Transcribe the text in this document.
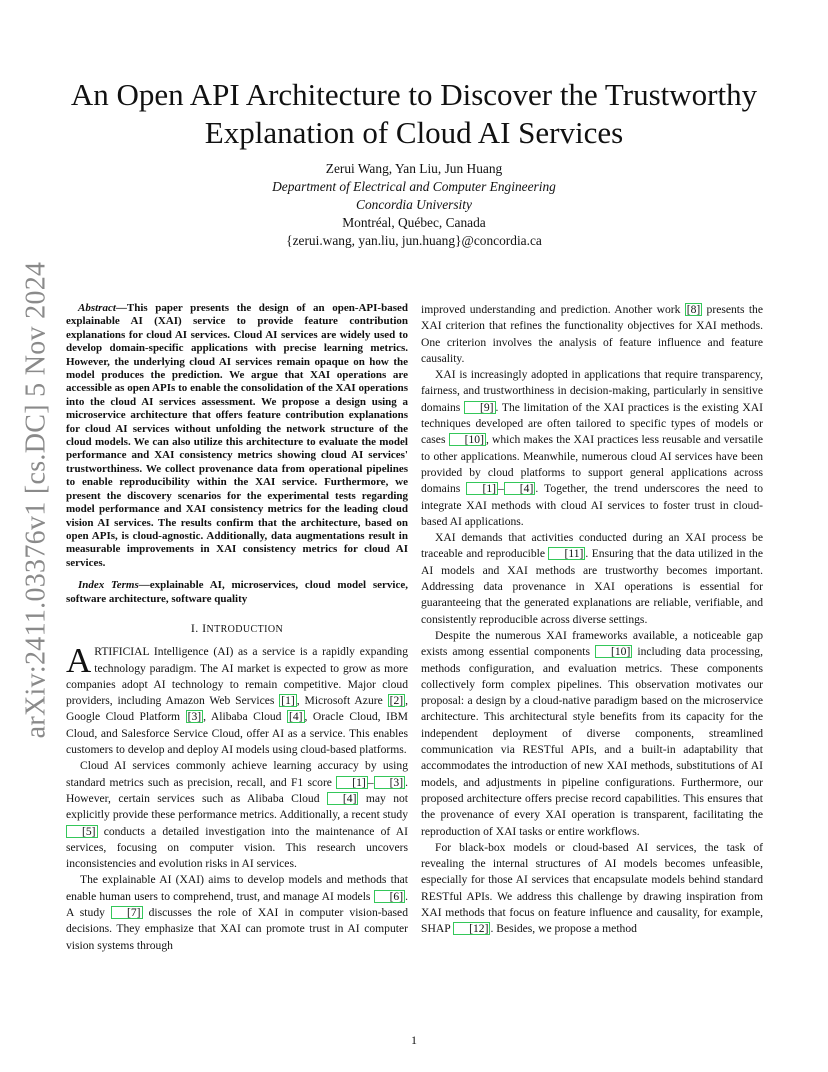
arXiv:2411.03376v1 [cs.DC] 5 Nov 2024
An Open API Architecture to Discover the Trustworthy Explanation of Cloud AI Services
Zerui Wang, Yan Liu, Jun Huang
Department of Electrical and Computer Engineering
Concordia University
Montréal, Québec, Canada
{zerui.wang, yan.liu, jun.huang}@concordia.ca

Abstract—This paper presents the design of an open-API-based explainable AI (XAI) service to provide feature contribution explanations for cloud AI services. Cloud AI services are widely used to develop domain-specific applications with precise learning metrics. However, the underlying cloud AI services remain opaque on how the model produces the prediction. We argue that XAI operations are accessible as open APIs to enable the consolidation of the XAI operations into the cloud AI services assessment. We propose a design using a microservice architecture that offers feature contribution explanations for cloud AI services without unfolding the network structure of the cloud models. We can also utilize this architecture to evaluate the model performance and XAI consistency metrics showing cloud AI services' trustworthiness. We collect provenance data from operational pipelines to enable reproducibility within the XAI service. Furthermore, we present the discovery scenarios for the experimental tests regarding model performance and XAI consistency metrics for the leading cloud vision AI services. The results confirm that the architecture, based on open APIs, is cloud-agnostic. Additionally, data augmentations result in measurable improvements in XAI consistency metrics for cloud AI services.

Index Terms—explainable AI, microservices, cloud model service, software architecture, software quality

I. INTRODUCTION

ARTIFICIAL Intelligence (AI) as a service is a rapidly expanding technology paradigm. The AI market is expected to grow as more companies adopt AI technology to remain competitive. Major cloud providers, including Amazon Web Services [1] , Microsoft Azure [2] , Google Cloud Platform [3] , Alibaba Cloud [4] , Oracle Cloud, IBM Cloud, and Salesforce Service Cloud, offer AI as a service. This enables customers to develop and deploy AI models using cloud-based platforms.

Cloud AI services commonly achieve learning accuracy by using standard metrics such as precision, recall, and F1 score [1] – [3] . However, certain services such as Alibaba Cloud [4] may not explicitly provide these performance metrics. Additionally, a recent study [5] conducts a detailed investigation into the maintenance of AI services, focusing on computer vision. This research uncovers inconsistencies and evolution risks in AI services.

The explainable AI (XAI) aims to develop models and methods that enable human users to comprehend, trust, and manage AI models [6] . A study [7] discusses the role of XAI in computer vision-based decisions. They emphasize that XAI can promote trust in AI computer vision systems through

improved understanding and prediction. Another work [8] presents the XAI criterion that refines the functionality objectives for XAI methods. One criterion involves the analysis of feature influence and feature causality.

XAI is increasingly adopted in applications that require transparency, fairness, and trustworthiness in decision-making, particularly in sensitive domains [9] . The limitation of the XAI practices is the existing XAI techniques developed are often tailored to specific types of models or cases [10] , which makes the XAI practices less reusable and versatile to other applications. Meanwhile, numerous cloud AI services have been provided by cloud platforms to support general applications across domains [1] – [4] . Together, the trend underscores the need to integrate XAI methods with cloud AI services to foster trust in cloud-based AI applications.

XAI demands that activities conducted during an XAI process be traceable and reproducible [11] . Ensuring that the data utilized in the AI models and XAI methods are trustworthy becomes important. Addressing data provenance in XAI operations is essential for guaranteeing that the generated explanations are reliable, verifiable, and consistently reproducible across diverse settings.

Despite the numerous XAI frameworks available, a noticeable gap exists among essential components [10] including data processing, methods configuration, and evaluation metrics. These components collectively form complex pipelines. This observation motivates our proposal: a design by a cloud-native paradigm based on the microservice architecture. This architectural style benefits from its capacity for the independent deployment of diverse components, streamlined communication via RESTful APIs, and a built-in adaptability that accommodates the introduction of new XAI methods, substitutions of AI models, and adjustments in pipeline configurations. Furthermore, our proposed architecture offers precise record capabilities. This ensures that the provenance of every XAI operation is transparent, facilitating the reproduction of XAI tasks or entire workflows.

For black-box models or cloud-based AI services, the task of revealing the internal structures of AI models becomes unfeasible, especially for those AI services that encapsulate models behind standard RESTful APIs. We address this challenge by drawing inspiration from XAI methods that focus on feature influence and causality, for example, SHAP [12] . Besides, we propose a method

1
